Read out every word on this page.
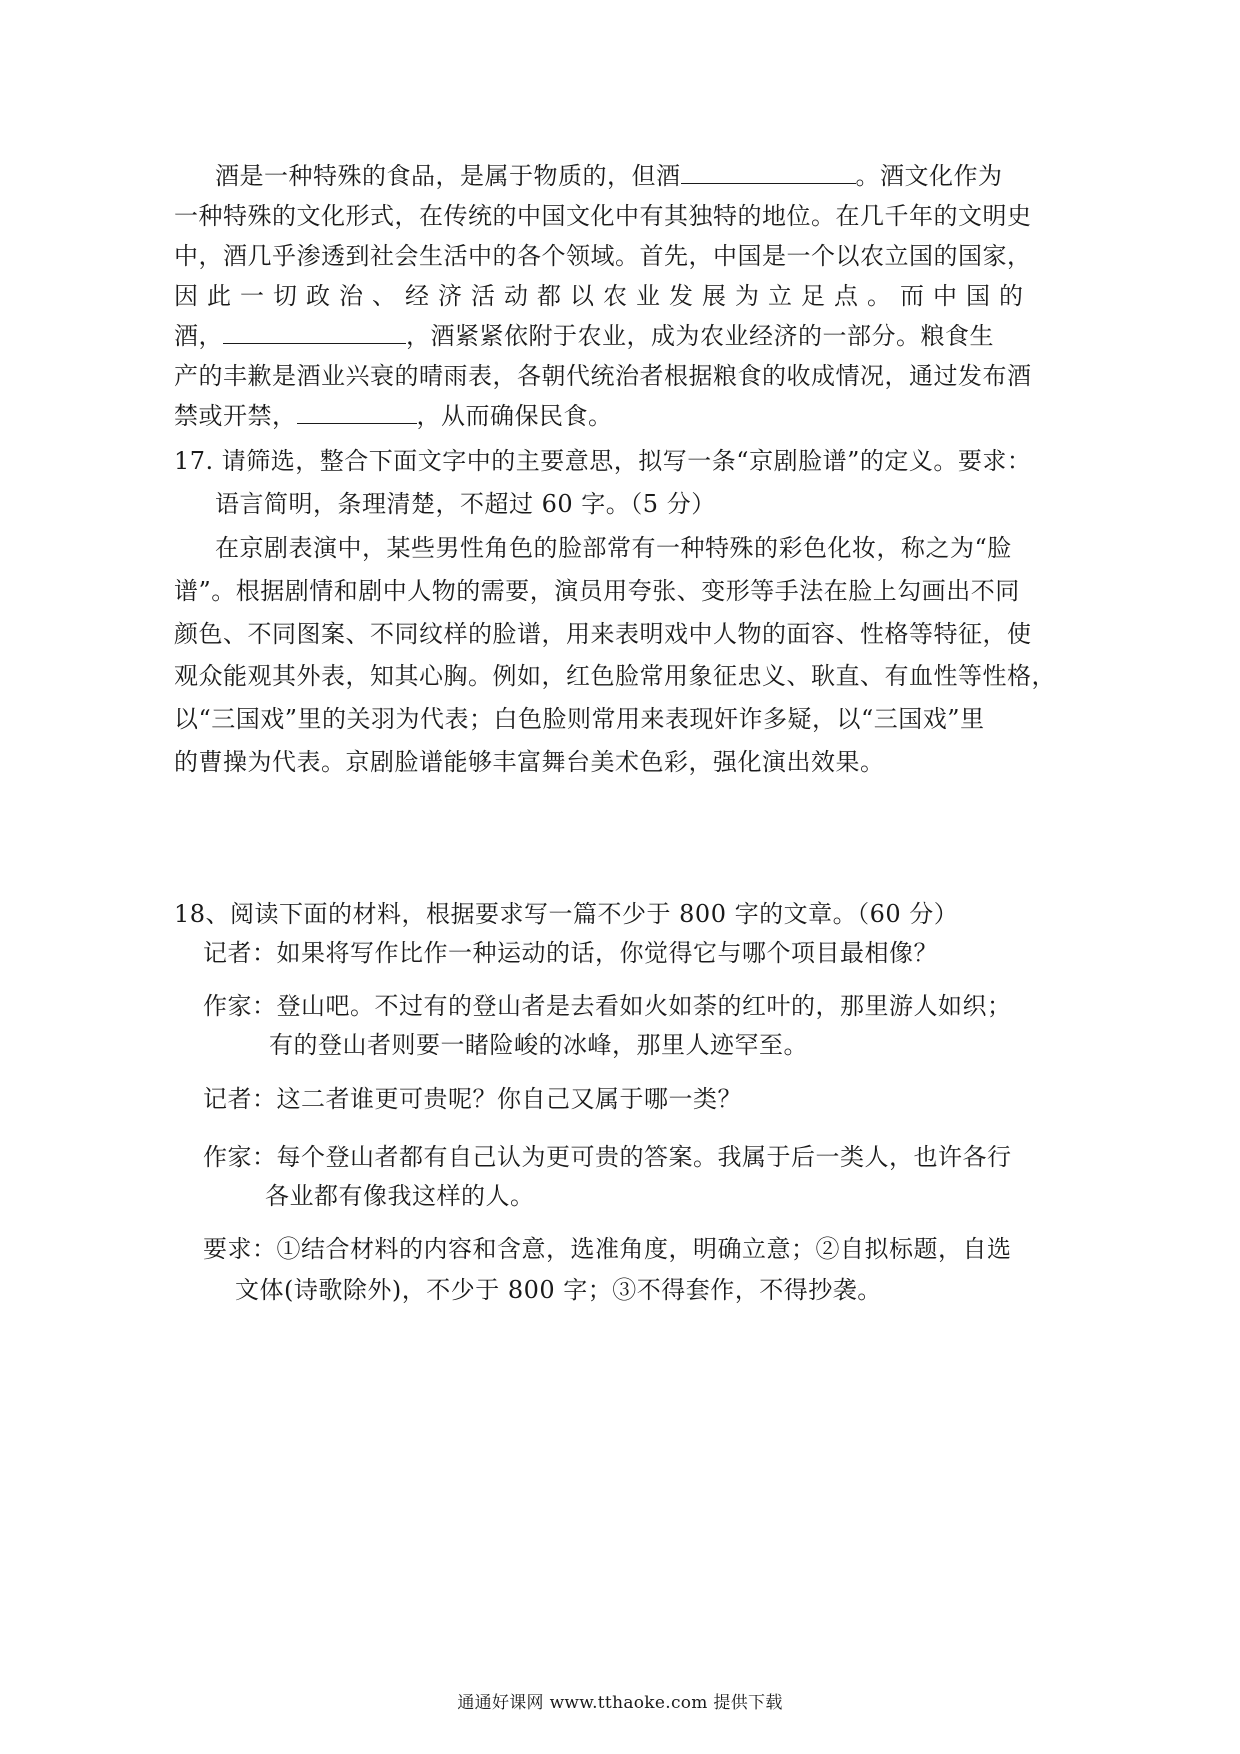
酒是一种特殊的食品，是属于物质的，但酒	。酒文化作为
一种特殊的文化形式，在传统的中国文化中有其独特的地位。在几千年的文明史
中，酒几乎渗透到社会生活中的各个领域。首先，中国是一个以农立国的国家，
因此一切政治、经济活动都以农业发展为立足点。而中国的
酒，	，酒紧紧依附于农业，成为农业经济的一部分。粮食生
产的丰歉是酒业兴衰的晴雨表，各朝代统治者根据粮食的收成情况，通过发布酒
禁或开禁，	，从而确保民食。
17. 请筛选，整合下面文字中的主要意思，拟写一条“京剧脸谱”的定义。要求：
语言简明，条理清楚，不超过 60 字。（5 分）
在京剧表演中，某些男性角色的脸部常有一种特殊的彩色化妆，称之为“脸
谱”。根据剧情和剧中人物的需要，演员用夸张、变形等手法在脸上勾画出不同
颜色、不同图案、不同纹样的脸谱，用来表明戏中人物的面容、性格等特征，使
观众能观其外表，知其心胸。例如，红色脸常用象征忠义、耿直、有血性等性格，
以“三国戏”里的关羽为代表；白色脸则常用来表现奸诈多疑，以“三国戏”里
的曹操为代表。京剧脸谱能够丰富舞台美术色彩，强化演出效果。
18、阅读下面的材料，根据要求写一篇不少于 800 字的文章。（60 分）
记者：如果将写作比作一种运动的话，你觉得它与哪个项目最相像？
作家：登山吧。不过有的登山者是去看如火如荼的红叶的，那里游人如织；
有的登山者则要一睹险峻的冰峰，那里人迹罕至。
记者：这二者谁更可贵呢？你自己又属于哪一类？
作家：每个登山者都有自己认为更可贵的答案。我属于后一类人，也许各行
各业都有像我这样的人。
要求：①结合材料的内容和含意，选准角度，明确立意；②自拟标题，自选
文体(诗歌除外)，不少于 800 字；③不得套作，不得抄袭。
通通好课网 www.tthaoke.com 提供下载
